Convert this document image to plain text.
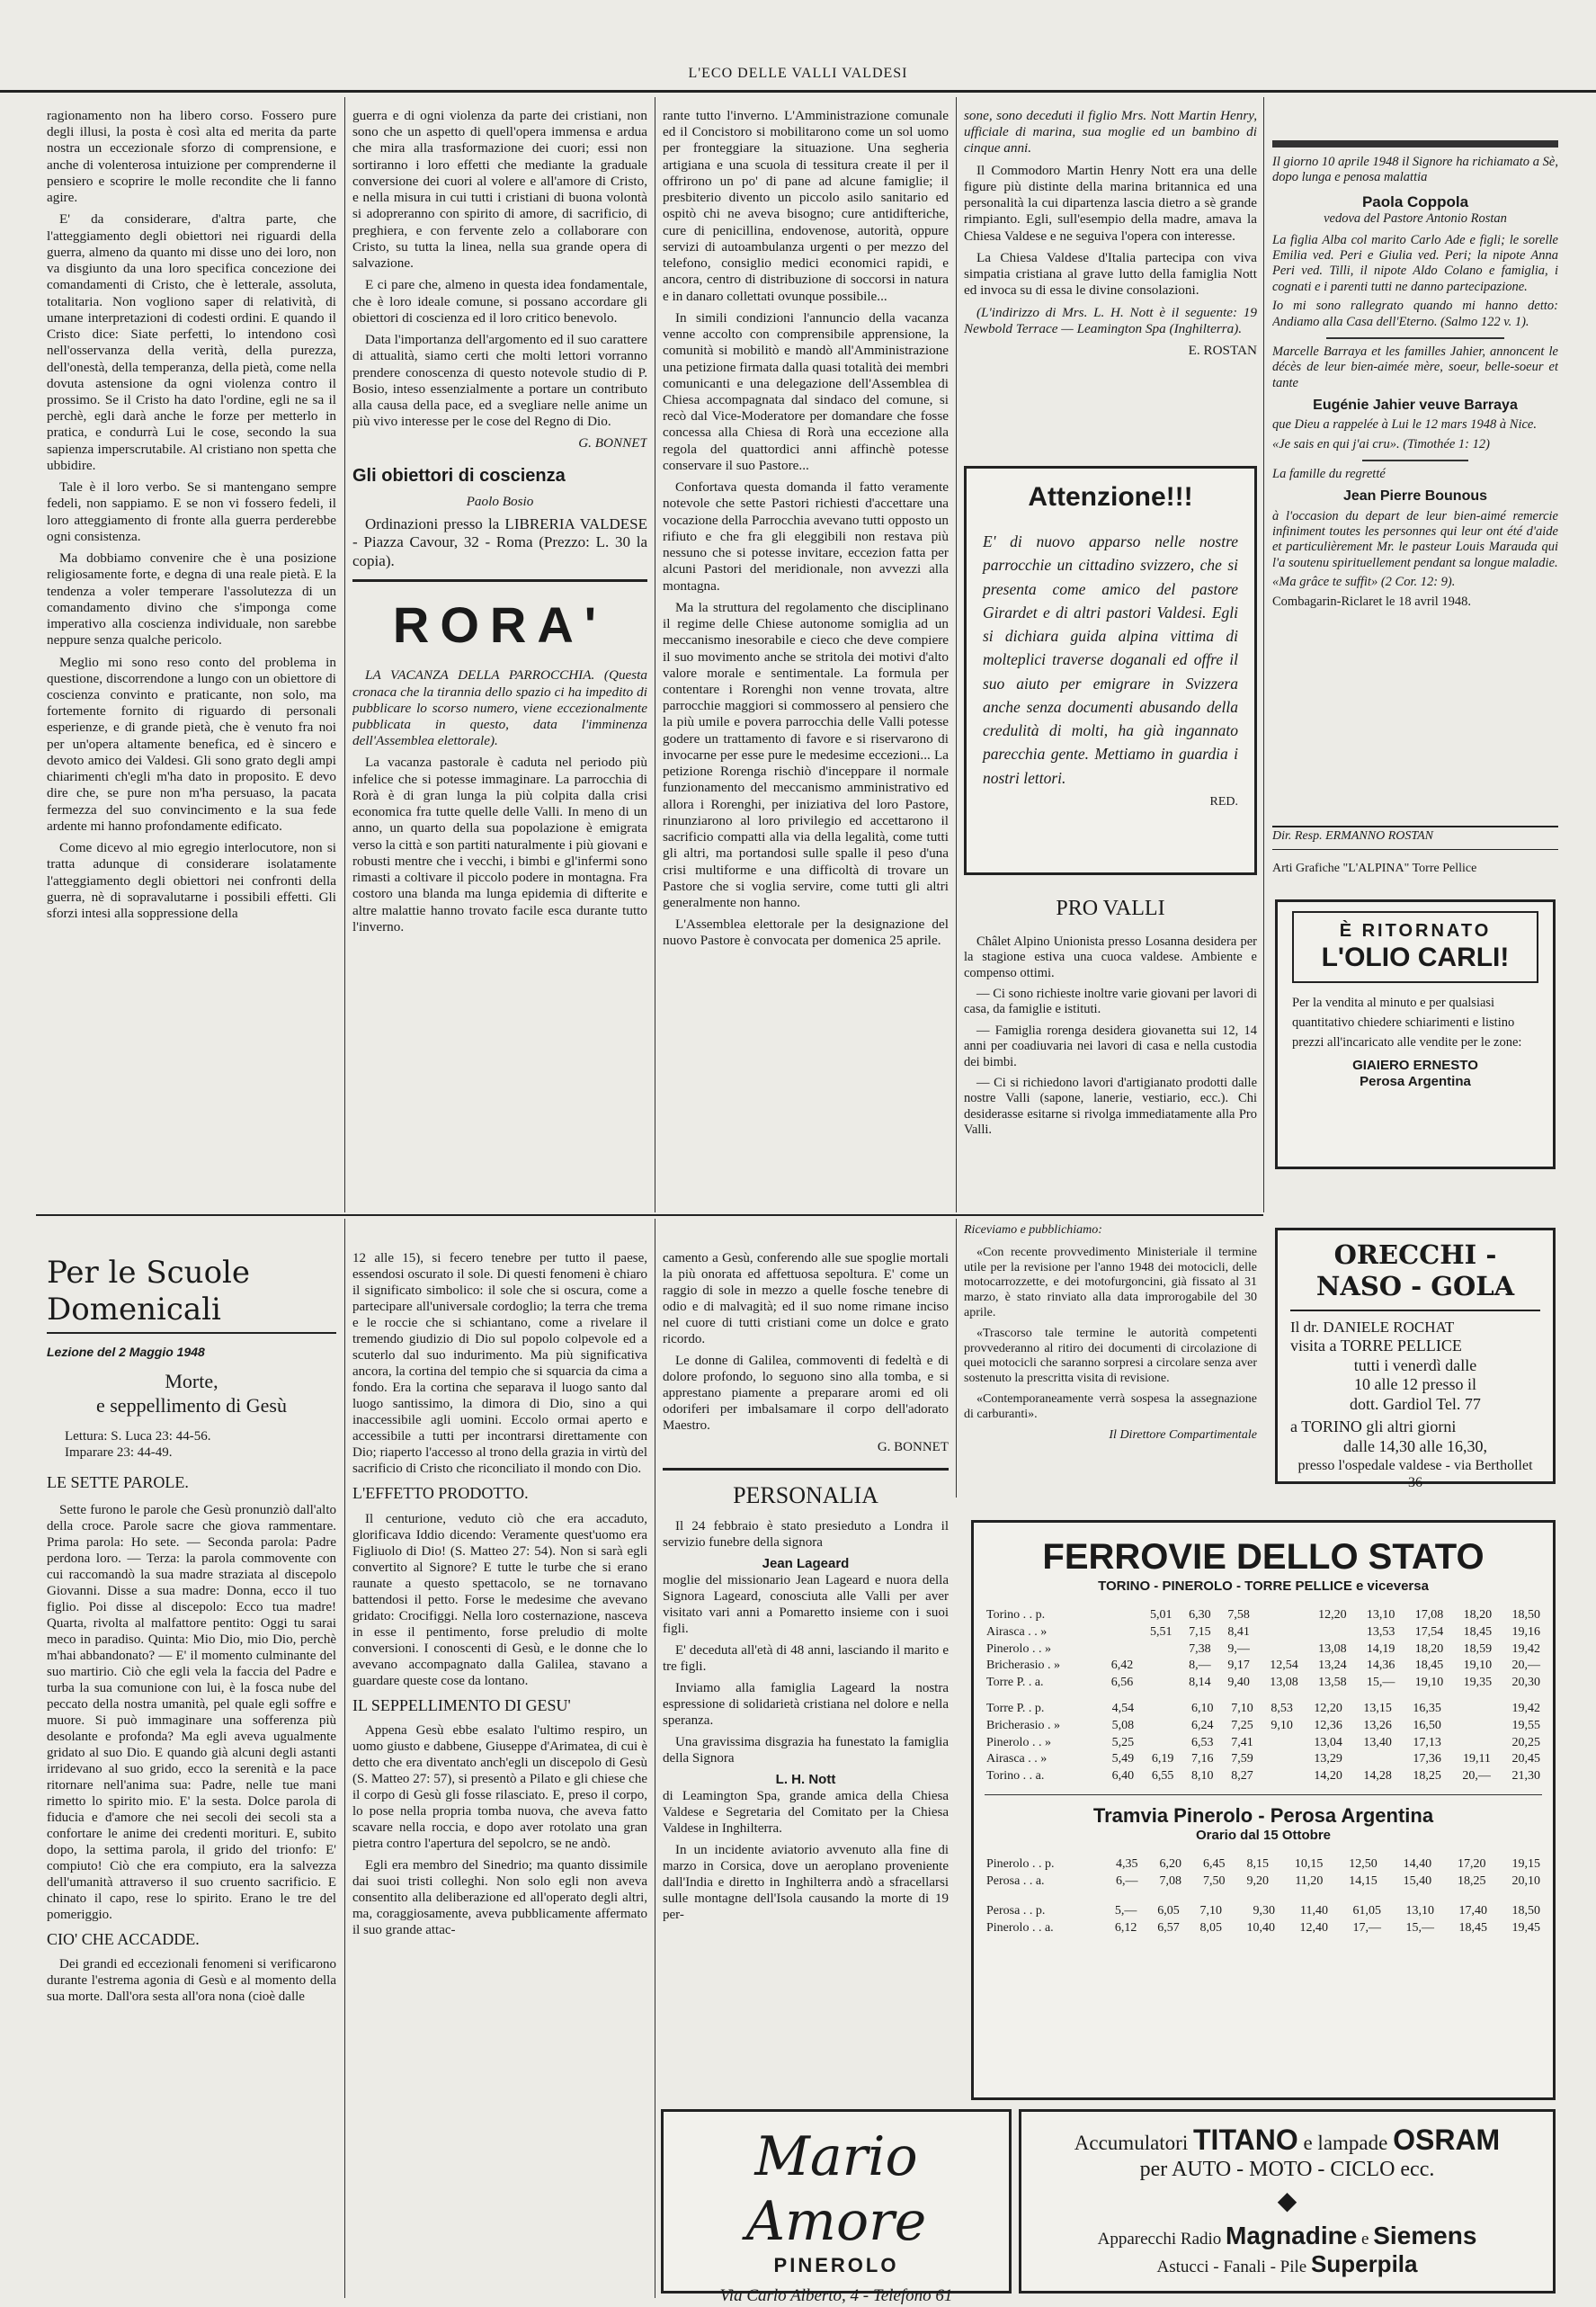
L'ECO DELLE VALLI VALDESI

ragionamento non ha libero corso. Fossero pure degli illusi, la posta è così alta ed merita da parte nostra un eccezionale sforzo di comprensione, e anche di volenterosa intuizione per comprenderne il pensiero e scoprire le molle recondite che li fanno agire.

E' da considerare, d'altra parte, che l'atteggiamento degli obiettori nei riguardi della guerra, almeno da quanto mi disse uno dei loro, non va disgiunto da una loro specifica concezione dei comandamenti di Cristo, che è letterale, assoluta, totalitaria. Non vogliono saper di relatività, di umane interpretazioni di codesti ordini. E quando il Cristo dice: Siate perfetti, lo intendono così nell'osservanza della verità, della purezza, dell'onestà, della temperanza, della pietà, come nella dovuta astensione da ogni violenza contro il prossimo. Se il Cristo ha dato l'ordine, egli ne sa il perchè, egli darà anche le forze per metterlo in pratica, e condurrà Lui le cose, secondo la sua sapienza imperscrutabile. Al cristiano non spetta che ubbidire.

Tale è il loro verbo. Se si mantengano sempre fedeli, non sappiamo. E se non vi fossero fedeli, il loro atteggiamento di fronte alla guerra perderebbe ogni consistenza.

Ma dobbiamo convenire che è una posizione religiosamente forte, e degna di una reale pietà. E la tendenza a voler temperare l'assolutezza di un comandamento divino che s'imponga come imperativo alla coscienza individuale, non sarebbe neppure senza qualche pericolo.

Meglio mi sono reso conto del problema in questione, discorrendone a lungo con un obiettore di coscienza convinto e praticante, non solo, ma fortemente fornito di riguardo di personali esperienze, e di grande pietà, che è venuto fra noi per un'opera altamente benefica, ed è sincero e devoto amico dei Valdesi. Gli sono grato degli ampi chiarimenti ch'egli m'ha dato in proposito. E devo dire che, se pure non m'ha persuaso, la pacata fermezza del suo convincimento e la sua fede ardente mi hanno profondamente edificato.

Come dicevo al mio egregio interlocutore, non si tratta adunque di considerare isolatamente l'atteggiamento degli obiettori nei confronti della guerra, nè di sopravalutarne i possibili effetti. Gli sforzi intesi alla soppressione della

guerra e di ogni violenza da parte dei cristiani, non sono che un aspetto di quell'opera immensa e ardua che mira alla trasformazione dei cuori; essi non sortiranno i loro effetti che mediante la graduale conversione dei cuori al volere e all'amore di Cristo, e nella misura in cui tutti i cristiani di buona volontà si adopreranno con spirito di amore, di sacrificio, di preghiera, e con fervente zelo a collaborare con Cristo, su tutta la linea, nella sua grande opera di salvazione.

E ci pare che, almeno in questa idea fondamentale, che è loro ideale comune, si possano accordare gli obiettori di coscienza ed il loro critico benevolo.

Data l'importanza dell'argomento ed il suo carattere di attualità, siamo certi che molti lettori vorranno prendere conoscenza di questo notevole studio di P. Bosio, inteso essenzialmente a portare un contributo alla causa della pace, ed a svegliare nelle anime un più vivo interesse per le cose del Regno di Dio.

G. BONNET
Gli obiettori di coscienza
Paolo Bosio

Ordinazioni presso la LIBRERIA VALDESE - Piazza Cavour, 32 - Roma (Prezzo: L. 30 la copia).

RORA'

LA VACANZA DELLA PARROCCHIA. (Questa cronaca che la tirannia dello spazio ci ha impedito di pubblicare lo scorso numero, viene eccezionalmente pubblicata in questo, data l'imminenza dell'Assemblea elettorale).

La vacanza pastorale è caduta nel periodo più infelice che si potesse immaginare. La parrocchia di Rorà è di gran lunga la più colpita dalla crisi economica fra tutte quelle delle Valli. In meno di un anno, un quarto della sua popolazione è emigrata verso la città e son partiti naturalmente i più giovani e robusti mentre che i vecchi, i bimbi e gl'infermi sono rimasti a coltivare il piccolo podere in montagna. Fra costoro una blanda ma lunga epidemia di difterite e altre malattie hanno trovato facile esca durante tutto l'inverno.

rante tutto l'inverno. L'Amministrazione comunale ed il Concistoro si mobilitarono come un sol uomo per fronteggiare la situazione. Una segheria artigiana e una scuola di tessitura create il per il offrirono un po' di pane ad alcune famiglie; il presbiterio divento un piccolo asilo sanitario ed ospitò chi ne aveva bisogno; cure antidifteriche, cure di penicillina, endovenose, autorità, oppure servizi di autoambulanza urgenti o per mezzo del telefono, consiglio medici economici rapidi, e ancora, centro di distribuzione di soccorsi in natura e in danaro collettati ovunque possibile...

In simili condizioni l'annuncio della vacanza venne accolto con comprensibile apprensione, la comunità si mobilitò e mandò all'Amministrazione una petizione firmata dalla quasi totalità dei membri comunicanti e una delegazione dell'Assemblea di Chiesa accompagnata dal sindaco del comune, si recò dal Vice-Moderatore per domandare che fosse concessa alla Chiesa di Rorà una eccezione alla regola del quattordici anni affinchè potesse conservare il suo Pastore...

Confortava questa domanda il fatto veramente notevole che sette Pastori richiesti d'accettare una vocazione della Parrocchia avevano tutti opposto un rifiuto e che fra gli eleggibili non restava più nessuno che si potesse invitare, eccezion fatta per alcuni Pastori del meridionale, non avvezzi alla montagna.

Ma la struttura del regolamento che disciplinano il regime delle Chiese autonome somiglia ad un meccanismo inesorabile e cieco che deve compiere il suo movimento anche se stritola dei motivi d'alto valore morale e sentimentale. La formula per contentare i Rorenghi non venne trovata, altre parrocchie maggiori si commossero al pensiero che la più umile e povera parrocchia delle Valli potesse godere un trattamento di favore e si riservarono di invocarne per esse pure le medesime eccezioni... La petizione Rorenga rischiò d'inceppare il normale funzionamento del meccanismo amministrativo ed allora i Rorenghi, per iniziativa del loro Pastore, rinunziarono al loro privilegio ed accettarono il sacrificio compatti alla via della legalità, come tutti gli altri, ma portandosi sulle spalle il peso d'una crisi multiforme e una difficoltà di trovare un Pastore che si voglia servire, come tutti gli altri generalmente non hanno.

L'Assemblea elettorale per la designazione del nuovo Pastore è convocata per domenica 25 aprile.

sone, sono deceduti il figlio Mrs. Nott Martin Henry, ufficiale di marina, sua moglie ed un bambino di cinque anni.

Il Commodoro Martin Henry Nott era una delle figure più distinte della marina britannica ed una personalità la cui dipartenza lascia dietro a sè grande rimpianto. Egli, sull'esempio della madre, amava la Chiesa Valdese e ne seguiva l'opera con interesse.

La Chiesa Valdese d'Italia partecipa con viva simpatia cristiana al grave lutto della famiglia Nott ed invoca su di essa le divine consolazioni.

(L'indirizzo di Mrs. L. H. Nott è il seguente: 19 Newbold Terrace — Leamington Spa (Inghilterra).

E. ROSTAN
Attenzione!!!

E' di nuovo apparso nelle nostre parrocchie un cittadino svizzero, che si presenta come amico del pastore Girardet e di altri pastori Valdesi. Egli si dichiara guida alpina vittima di molteplici traverse doganali ed offre il suo aiuto per emigrare in Svizzera anche senza documenti abusando della credulità di molti, ha già ingannato parecchia gente. Mettiamo in guardia i nostri lettori.

RED.
PRO VALLI

Châlet Alpino Unionista presso Losanna desidera per la stagione estiva una cuoca valdese. Ambiente e compenso ottimi.

— Ci sono richieste inoltre varie giovani per lavori di casa, da famiglie e istituti.

— Famiglia rorenga desidera giovanetta sui 12, 14 anni per coadiuvaria nei lavori di casa e nella custodia dei bimbi.

— Ci si richiedono lavori d'artigianato prodotti dalle nostre Valli (sapone, lanerie, vestiario, ecc.). Chi desiderasse esitarne si rivolga immediatamente alla Pro Valli.

Il giorno 10 aprile 1948 il Signore ha richiamato a Sè, dopo lunga e penosa malattia

Paola Coppola
vedova del Pastore Antonio Rostan

La figlia Alba col marito Carlo Ade e figli; le sorelle Emilia ved. Peri e Giulia ved. Peri; la nipote Anna Peri ved. Tilli, il nipote Aldo Colano e famiglia, i cognati e i parenti tutti ne danno partecipazione.

Io mi sono rallegrato quando mi hanno detto: Andiamo alla Casa dell'Eterno. (Salmo 122 v. 1).

Marcelle Barraya et les familles Jahier, annoncent le décès de leur bien-aimée mère, soeur, belle-soeur et tante

Eugénie Jahier veuve Barraya

que Dieu a rappelée à Lui le 12 mars 1948 à Nice.

«Je sais en qui j'ai cru». (Timothée 1: 12)

La famille du regretté

Jean Pierre Bounous

à l'occasion du depart de leur bien-aimé remercie infiniment toutes les personnes qui leur ont été d'aide et particulièrement Mr. le pasteur Louis Marauda qui l'a soutenu spirituellement pendant sa longue maladie.

«Ma grâce te suffit» (2 Cor. 12: 9).

Combagarin-Riclaret le 18 avril 1948.

Dir. Resp. ERMANNO ROSTAN
Arti Grafiche "L'ALPINA" Torre Pellice
È RITORNATO
L'OLIO CARLI!

Per la vendita al minuto e per qualsiasi quantitativo chiedere schiarimenti e listino prezzi all'incaricato alle vendite per le zone:

GIAIERO ERNESTO
Perosa Argentina
Per le Scuole Domenicali
Lezione del 2 Maggio 1948
Morte,
e seppellimento di Gesù
Lettura: S. Luca 23: 44-56.
Imparare 23: 44-49.
LE SETTE PAROLE.

Sette furono le parole che Gesù pronunziò dall'alto della croce. Parole sacre che giova rammentare. Prima parola: Ho sete. — Seconda parola: Padre perdona loro. — Terza: la parola commovente con cui raccomandò la sua madre straziata al discepolo Giovanni. Disse a sua madre: Donna, ecco il tuo figlio. Poi disse al discepolo: Ecco tua madre! Quarta, rivolta al malfattore pentito: Oggi tu sarai meco in paradiso. Quinta: Mio Dio, mio Dio, perchè m'hai abbandonato? — E' il momento culminante del suo martirio. Ciò che egli vela la faccia del Padre e turba la sua comunione con lui, è la fosca nube del peccato della nostra umanità, pel quale egli soffre e muore. Si può immaginare una sofferenza più desolante e profonda? Ma egli aveva ugualmente gridato al suo Dio. E quando già alcuni degli astanti irridevano al suo grido, ecco la serenità e la pace ritornare nell'anima sua: Padre, nelle tue mani rimetto lo spirito mio. E' la sesta. Dolce parola di fiducia e d'amore che nei secoli dei secoli sta a confortare le anime dei credenti morituri. E, subito dopo, la settima parola, il grido del trionfo: E' compiuto! Ciò che era compiuto, era la salvezza dell'umanità attraverso il suo cruento sacrificio. E chinato il capo, rese lo spirito. Erano le tre del pomeriggio.

CIO' CHE ACCADDE.

Dei grandi ed eccezionali fenomeni si verificarono durante l'estrema agonia di Gesù e al momento della sua morte. Dall'ora sesta all'ora nona (cioè dalle

12 alle 15), si fecero tenebre per tutto il paese, essendosi oscurato il sole. Di questi fenomeni è chiaro il significato simbolico: il sole che si oscura, come a partecipare all'universale cordoglio; la terra che trema e le roccie che si schiantano, come a rivelare il tremendo giudizio di Dio sul popolo colpevole ed a scuterlo dal suo indurimento. Ma più significativa ancora, la cortina del tempio che si squarcia da cima a fondo. Era la cortina che separava il luogo santo dal luogo santissimo, la dimora di Dio, sino a qui inaccessibile agli uomini. Eccolo ormai aperto e accessibile a tutti per incontrarsi direttamente con Dio; riaperto l'accesso al trono della grazia in virtù del sacrificio di Cristo che riconciliato il mondo con Dio.

L'EFFETTO PRODOTTO.

Il centurione, veduto ciò che era accaduto, glorificava Iddio dicendo: Veramente quest'uomo era Figliuolo di Dio! (S. Matteo 27: 54). Non si sarà egli convertito al Signore? E tutte le turbe che si erano raunate a questo spettacolo, se ne tornavano battendosi il petto. Forse le medesime che avevano gridato: Crocifiggi. Nella loro costernazione, nasceva in esse il pentimento, forse preludio di molte conversioni. I conoscenti di Gesù, e le donne che lo avevano accompagnato dalla Galilea, stavano a guardare queste cose da lontano.

IL SEPPELLIMENTO DI GESU'

Appena Gesù ebbe esalato l'ultimo respiro, un uomo giusto e dabbene, Giuseppe d'Arimatea, di cui è detto che era diventato anch'egli un discepolo di Gesù (S. Matteo 27: 57), si presentò a Pilato e gli chiese che il corpo di Gesù gli fosse rilasciato. E, preso il corpo, lo pose nella propria tomba nuova, che aveva fatto scavare nella roccia, e dopo aver rotolato una gran pietra contro l'apertura del sepolcro, se ne andò.

Egli era membro del Sinedrio; ma quanto dissimile dai suoi tristi colleghi. Non solo egli non aveva consentito alla deliberazione ed all'operato degli altri, ma, coraggiosamente, aveva pubblicamente affermato il suo grande attac-

camento a Gesù, conferendo alle sue spoglie mortali la più onorata ed affettuosa sepoltura. E' come un raggio di sole in mezzo a quelle fosche tenebre di odio e di malvagità; ed il suo nome rimane inciso nel cuore di tutti cristiani come un dolce e grato ricordo.

Le donne di Galilea, commoventi di fedeltà e di dolore profondo, lo seguono sino alla tomba, e si apprestano piamente a preparare aromi ed oli odoriferi per imbalsamare il corpo dell'adorato Maestro.

G. BONNET
PERSONALIA

Il 24 febbraio è stato presieduto a Londra il servizio funebre della signora

Jean Lageard

moglie del missionario Jean Lageard e nuora della Signora Lageard, conosciuta alle Valli per aver visitato vari anni a Pomaretto insieme con i suoi figli.

E' deceduta all'età di 48 anni, lasciando il marito e tre figli.

Inviamo alla famiglia Lageard la nostra espressione di solidarietà cristiana nel dolore e nella speranza.

Una gravissima disgrazia ha funestato la famiglia della Signora

L. H. Nott

di Leamington Spa, grande amica della Chiesa Valdese e Segretaria del Comitato per la Chiesa Valdese in Inghilterra.

In un incidente aviatorio avvenuto alla fine di marzo in Corsica, dove un aeroplano proveniente dall'India e diretto in Inghilterra andò a sfracellarsi sulle montagne dell'Isola causando la morte di 19 per-

Riceviamo e pubblichiamo:

«Con recente provvedimento Ministeriale il termine utile per la revisione per l'anno 1948 dei motocicli, delle motocarrozzette, e dei motofurgoncini, già fissato al 31 marzo, è stato rinviato alla data improrogabile del 30 aprile.

«Trascorso tale termine le autorità competenti provvederanno al ritiro dei documenti di circolazione di quei motocicli che saranno sorpresi a circolare senza aver sostenuto la prescritta visita di revisione.

«Contemporaneamente verrà sospesa la assegnazione di carburanti».

Il Direttore Compartimentale
ORECCHI - NASO - GOLA
Il dr. DANIELE ROCHAT
visita a TORRE PELLICE
tutti i venerdì dalle
10 alle 12 presso il
dott. Gardiol Tel. 77
a TORINO gli altri giorni
dalle 14,30 alle 16,30,
presso l'ospedale valdese - via Berthollet 36
FERROVIE DELLO STATO
TORINO - PINEROLO - TORRE PELLICE e viceversa
Torino . . p.		5,01	6,30	7,58		12,20	13,10	17,08	18,20	18,50
Airasca . . »		5,51	7,15	8,41			13,53	17,54	18,45	19,16
Pinerolo . . »			7,38	9,—		13,08	14,19	18,20	18,59	19,42
Bricherasio . »	6,42		8,—	9,17	12,54	13,24	14,36	18,45	19,10	20,—
Torre P. . a.	6,56		8,14	9,40	13,08	13,58	15,—	19,10	19,35	20,30
Torre P. . p.	4,54		6,10	7,10	8,53	12,20	13,15	16,35		19,42
Bricherasio . »	5,08		6,24	7,25	9,10	12,36	13,26	16,50		19,55
Pinerolo . . »	5,25		6,53	7,41		13,04	13,40	17,13		20,25
Airasca . . »	5,49	6,19	7,16	7,59		13,29		17,36	19,11	20,45
Torino . . a.	6,40	6,55	8,10	8,27		14,20	14,28	18,25	20,—	21,30
Tramvia Pinerolo - Perosa Argentina
Orario dal 15 Ottobre
Pinerolo . . p.	4,35	6,20	6,45	8,15	10,15	12,50	14,40	17,20	19,15
Perosa . . a.	6,—	7,08	7,50	9,20	11,20	14,15	15,40	18,25	20,10
Perosa . . p.	5,—	6,05	7,10	9,30	11,40	61,05	13,10	17,40	18,50
Pinerolo . . a.	6,12	6,57	8,05	10,40	12,40	17,—	15,—	18,45	19,45
Mario Amore
PINEROLO
Via Carlo Alberto, 4 - Telefono 61
Accumulatori TITANO e lampade OSRAM
per AUTO - MOTO - CICLO ecc.
◆
Apparecchi Radio Magnadine e Siemens
Astucci - Fanali - Pile Superpila
